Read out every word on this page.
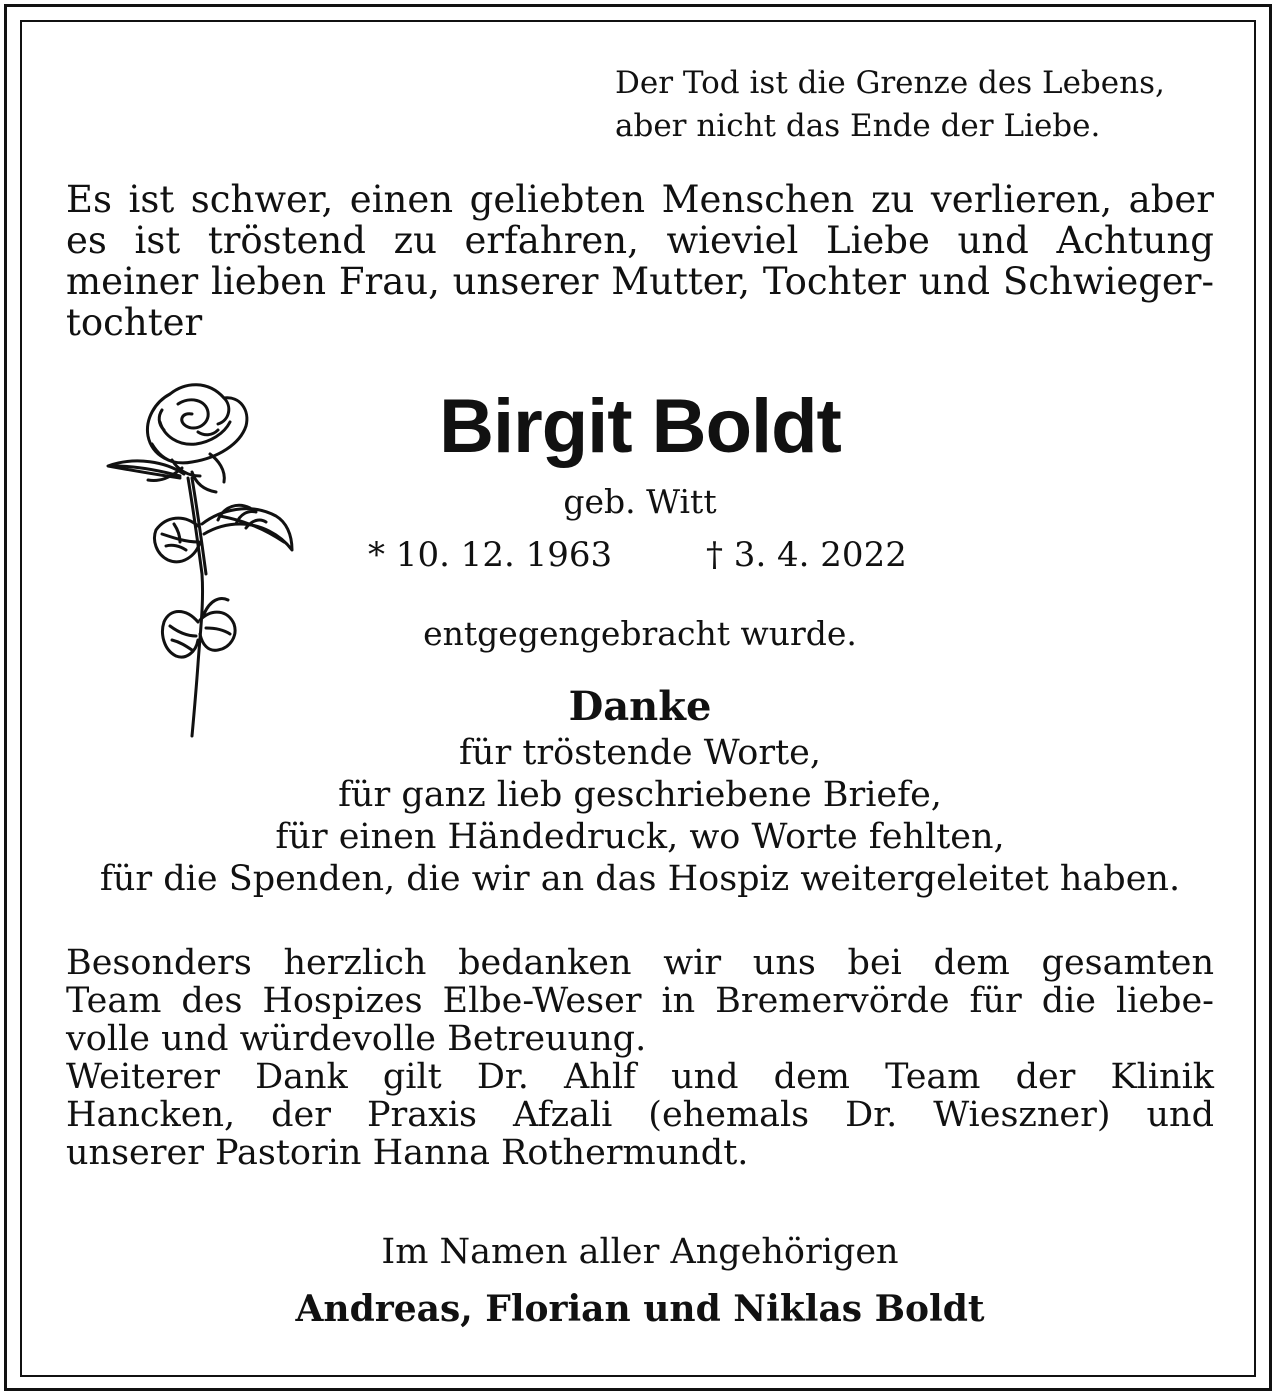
Der Tod ist die Grenze des Lebens,
aber nicht das Ende der Liebe.
Es ist schwer, einen geliebten Menschen zu verlieren, aber
es ist tröstend zu erfahren, wieviel Liebe und Achtung
meiner lieben Frau, unserer Mutter, Tochter und Schwieger-
tochter
Birgit Boldt
geb. Witt
* 10. 12. 1963	† 3. 4. 2022
entgegengebracht wurde.
Danke
für tröstende Worte,
für ganz lieb geschriebene Briefe,
für einen Händedruck, wo Worte fehlten,
für die Spenden, die wir an das Hospiz weitergeleitet haben.
Besonders herzlich bedanken wir uns bei dem gesamten
Team des Hospizes Elbe-Weser in Bremervörde für die liebe-
volle und würdevolle Betreuung.
Weiterer Dank gilt Dr. Ahlf und dem Team der Klinik
Hancken, der Praxis Afzali (ehemals Dr. Wieszner) und
unserer Pastorin Hanna Rothermundt.
Im Namen aller Angehörigen
Andreas, Florian und Niklas Boldt
